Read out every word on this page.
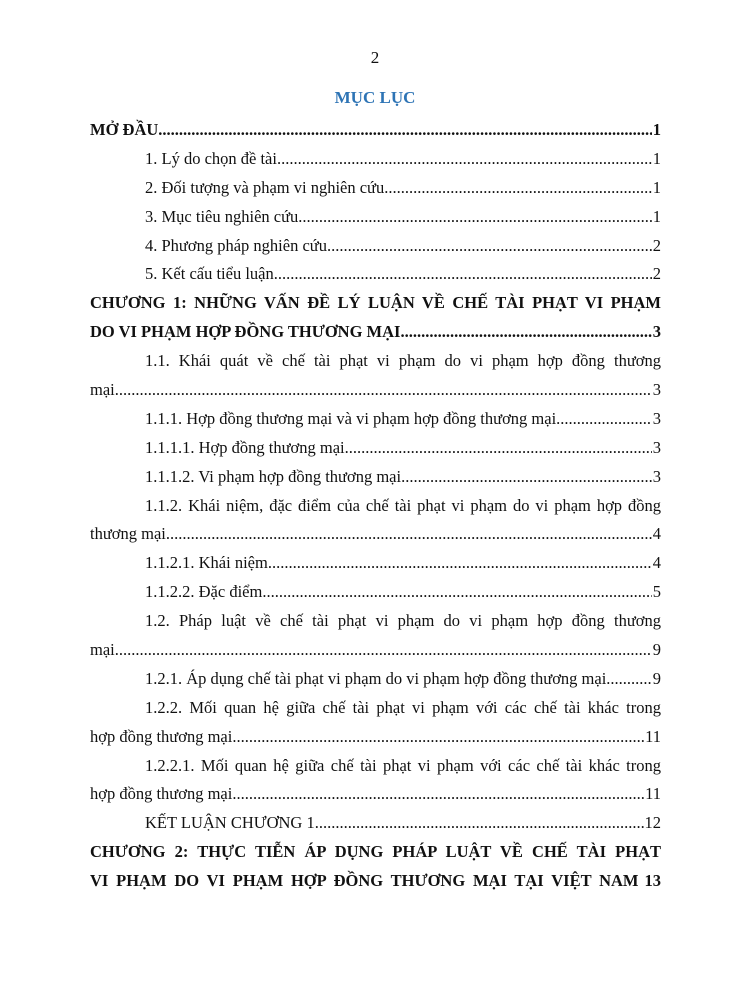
2
MỤC LỤC
MỞ ĐẦU .....	1
1. Lý do chọn đề tài .....	1
2. Đối tượng và phạm vi nghiên cứu .....	1
3. Mục tiêu nghiên cứu .....	1
4. Phương pháp nghiên cứu .....	2
5. Kết cấu tiểu luận .....	2
CHƯƠNG 1: NHỮNG VẤN ĐỀ LÝ LUẬN VỀ CHẾ TÀI PHẠT VI PHẠM
DO VI PHẠM HỢP ĐỒNG THƯƠNG MẠI .....	3
1.1. Khái quát về chế tài phạt vi phạm do vi phạm hợp đồng thương
mại .....	3
1.1.1. Hợp đồng thương mại và vi phạm hợp đồng thương mại .....	3
1.1.1.1. Hợp đồng thương mại .....	3
1.1.1.2. Vi phạm hợp đồng thương mại .....	3
1.1.2. Khái niệm, đặc điểm của chế tài phạt vi phạm do vi phạm hợp đồng
thương mại .....	4
1.1.2.1. Khái niệm .....	4
1.1.2.2. Đặc điểm .....	5
1.2. Pháp luật về chế tài phạt vi phạm do vi phạm hợp đồng thương
mại .....	9
1.2.1. Áp dụng chế tài phạt vi phạm do vi phạm hợp đồng thương mại .....	9
1.2.2. Mối quan hệ giữa chế tài phạt vi phạm với các chế tài khác trong
hợp đồng thương mại .....	11
1.2.2.1. Mối quan hệ giữa chế tài phạt vi phạm với các chế tài khác trong
hợp đồng thương mại .....	11
KẾT LUẬN CHƯƠNG 1 .....	12
CHƯƠNG 2: THỰC TIỄN ÁP DỤNG PHÁP LUẬT VỀ CHẾ TÀI PHẠT
VI PHẠM DO VI PHẠM HỢP ĐỒNG THƯƠNG MẠI TẠI VIỆT NAM 13
